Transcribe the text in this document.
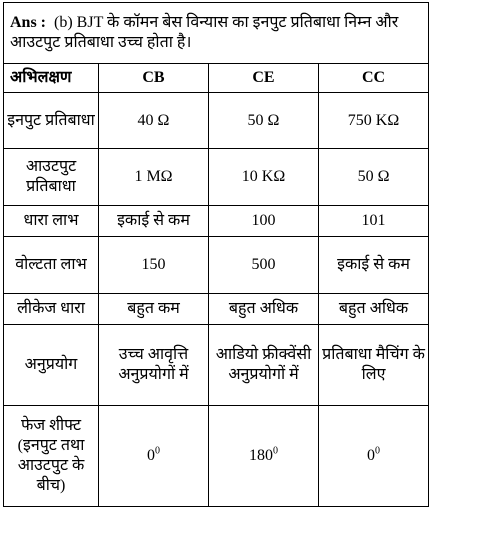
Ans : (b) BJT के कॉमन बेस विन्यास का इनपुट प्रतिबाधा निम्न और आउटपुट प्रतिबाधा उच्च होता है।			
अभिलक्षण	CB	CE	CC
इनपुट प्रतिबाधा	40 Ω	50 Ω	750 KΩ
आउटपुट प्रतिबाधा	1 MΩ	10 KΩ	50 Ω
धारा लाभ	इकाई से कम	100	101
वोल्टता लाभ	150	500	इकाई से कम
लीकेज धारा	बहुत कम	बहुत अधिक	बहुत अधिक
अनुप्रयोग	उच्च आवृत्ति अनुप्रयोगों में	आडियो फ्रीक्वेंसी अनुप्रयोगों में	प्रतिबाधा मैचिंग के लिए
फेज शीफ्ट (इनपुट तथा आउटपुट के बीच)	$0^0$	$180^0$	$0^0$
